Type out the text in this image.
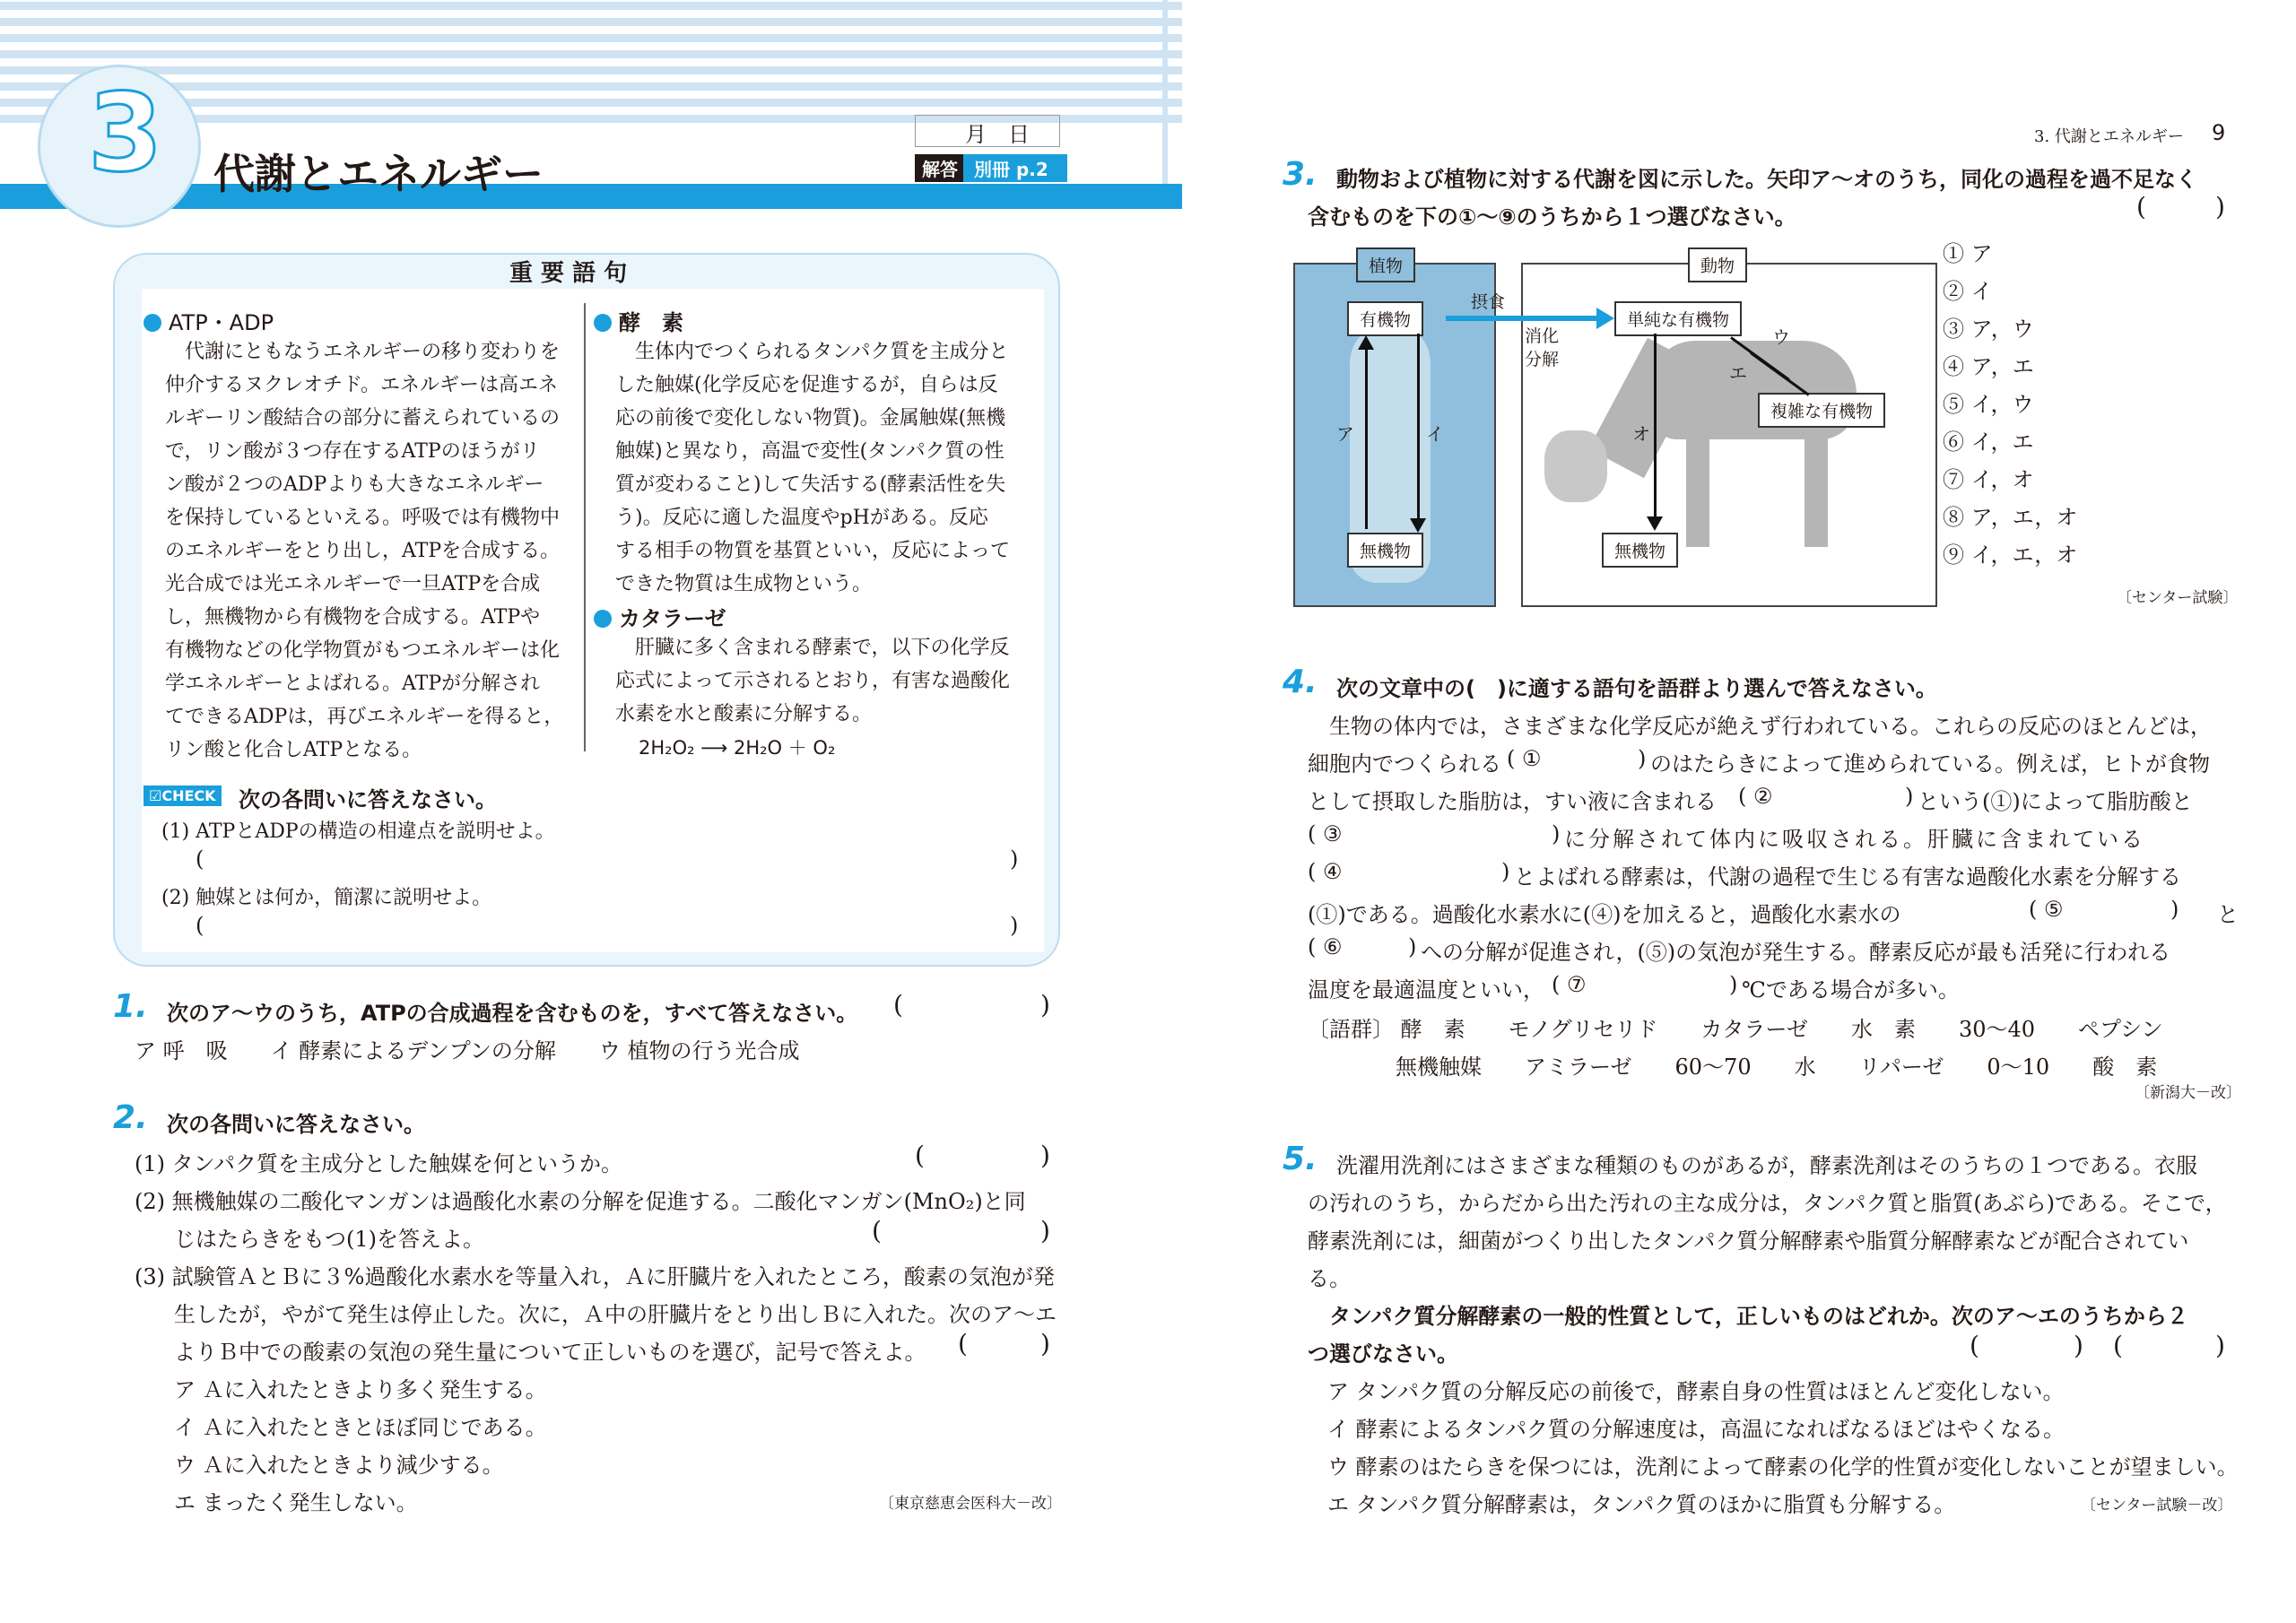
3 代謝とエネルギー
月　日
解答 別冊 p.2
重 要 語 句
ATP・ADP
　代謝にともなうエネルギーの移り変わりを
仲介するヌクレオチド。エネルギーは高エネ
ルギーリン酸結合の部分に蓄えられているの
で，リン酸が３つ存在するATPのほうがリ
ン酸が２つのADPよりも大きなエネルギー
を保持しているといえる。呼吸では有機物中
のエネルギーをとり出し，ATPを合成する。
光合成では光エネルギーで一旦ATPを合成
し，無機物から有機物を合成する。ATPや
有機物などの化学物質がもつエネルギーは化
学エネルギーとよばれる。ATPが分解され
てできるADPは，再びエネルギーを得ると，
リン酸と化合しATPとなる。
酵　素
　生体内でつくられるタンパク質を主成分と
した触媒(化学反応を促進するが，自らは反
応の前後で変化しない物質)。金属触媒(無機
触媒)と異なり，高温で変性(タンパク質の性
質が変わること)して失活する(酵素活性を失
う)。反応に適した温度やpHがある。反応
する相手の物質を基質といい，反応によって
できた物質は生成物という。
カタラーゼ
　肝臓に多く含まれる酵素で，以下の化学反
応式によって示されるとおり，有害な過酸化
水素を水と酸素に分解する。
2H₂O₂ ⟶ 2H₂O ＋ O₂
☑CHECK 次の各問いに答えなさい。
(1) ATPとADPの構造の相違点を説明せよ。
(	)
(2) 触媒とは何か，簡潔に説明せよ。
(	)
1. 次のア～ウのうち，ATPの合成過程を含むものを，すべて答えなさい。 (	)
ア 呼　吸　　イ 酵素によるデンプンの分解　　ウ 植物の行う光合成
2. 次の各問いに答えなさい。
(1) タンパク質を主成分とした触媒を何というか。	(	)
(2) 無機触媒の二酸化マンガンは過酸化水素の分解を促進する。二酸化マンガン(MnO₂)と同
じはたらきをもつ(1)を答えよ。	(	)
(3) 試験管ＡとＢに３%過酸化水素水を等量入れ，Ａに肝臓片を入れたところ，酸素の気泡が発
生したが，やがて発生は停止した。次に，Ａ中の肝臓片をとり出しＢに入れた。次のア～エ
よりＢ中での酸素の気泡の発生量について正しいものを選び，記号で答えよ。 (	)
ア Ａに入れたときより多く発生する。
イ Ａに入れたときとほぼ同じである。
ウ Ａに入れたときより減少する。
エ まったく発生しない。	〔東京慈恵会医科大－改〕
3. 代謝とエネルギー 9
3. 動物および植物に対する代謝を図に示した。矢印ア～オのうち，同化の過程を過不足なく
含むものを下の①～⑨のうちから１つ選びなさい。	(	)
植物	動物
有機物
無機物
単純な有機物
複雑な有機物
無機物
摂食
消化
分解
ア	イ	オ
ウ
エ
① ア
② イ
③ ア，ウ
④ ア，エ
⑤ イ，ウ
⑥ イ，エ
⑦ イ，オ
⑧ ア，エ，オ
⑨ イ，エ，オ
〔センター試験〕
4. 次の文章中の(　)に適する語句を語群より選んで答えなさい。
　生物の体内では，さまざまな化学反応が絶えず行われている。これらの反応のほとんどは，
細胞内でつくられる ( ①	) のはたらきによって進められている。例えば，ヒトが食物
として摂取した脂肪は，すい液に含まれる ( ②	) という(①)によって脂肪酸と
( ③	) に分解されて体内に吸収される。肝臓に含まれている
( ④	) とよばれる酵素は，代謝の過程で生じる有害な過酸化水素を分解する
(①)である。過酸化水素水に(④)を加えると，過酸化水素水の	( ⑤	) と
( ⑥	) への分解が促進され，(⑤)の気泡が発生する。酵素反応が最も活発に行われる
温度を最適温度といい， ( ⑦	) ℃である場合が多い。
〔語群〕 酵　素　　モノグリセリド　　カタラーゼ　　水　素　　30～40　　ペプシン
無機触媒　　アミラーゼ　　60～70　　水　　リパーゼ　　0～10　　酸　素
〔新潟大－改〕
5. 洗濯用洗剤にはさまざまな種類のものがあるが，酵素洗剤はそのうちの１つである。衣服
の汚れのうち，からだから出た汚れの主な成分は，タンパク質と脂質(あぶら)である。そこで，
酵素洗剤には，細菌がつくり出したタンパク質分解酵素や脂質分解酵素などが配合されてい
る。
　タンパク質分解酵素の一般的性質として，正しいものはどれか。次のア～エのうちから２
つ選びなさい。	(	) (	)
ア タンパク質の分解反応の前後で，酵素自身の性質はほとんど変化しない。
イ 酵素によるタンパク質の分解速度は，高温になればなるほどはやくなる。
ウ 酵素のはたらきを保つには，洗剤によって酵素の化学的性質が変化しないことが望ましい。
エ タンパク質分解酵素は，タンパク質のほかに脂質も分解する。	〔センター試験－改〕
